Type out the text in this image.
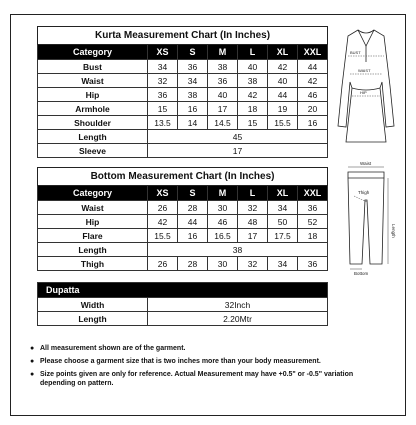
Kurta Measurement Chart (In Inches)						
Category	XS	S	M	L	XL	XXL
Bust	34	36	38	40	42	44
Waist	32	34	36	38	40	42
Hip	36	38	40	42	44	46
Armhole	15	16	17	18	19	20
Shoulder	13.5	14	14.5	15	15.5	16
Length	45					
Sleeve	17					
Bottom Measurement Chart (In Inches)						
Category	XS	S	M	L	XL	XXL
Waist	26	28	30	32	34	36
Hip	42	44	46	48	50	52
Flare	15.5	16	16.5	17	17.5	18
Length	38					
Thigh	26	28	30	32	34	36
Dupatta	
Width	32Inch
Length	2.20Mtr
● All measurement shown are of the garment.
● Please choose a garment size that is two inches more than your body measurement.
● Size points given are only for reference. Actual Measurement may have +0.5" or -0.5" variation depending on pattern.
BUST
WAIST
HIP
Waist
Thigh
Length
Bottom
